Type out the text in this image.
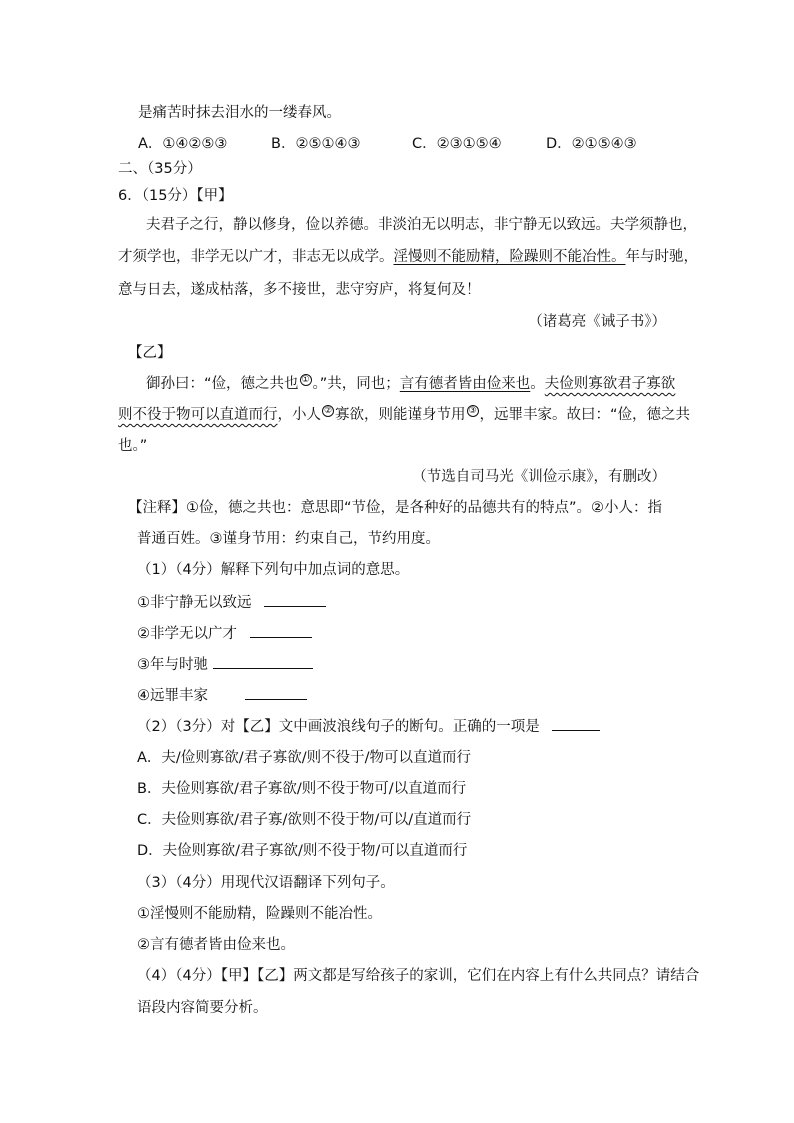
是痛苦时抹去泪水的一缕春风。
A．①④②⑤③	B．②⑤①④③	C．②③①⑤④	D．②①⑤④③
二、（35分）
6．（15分）【甲】
夫君子之行，静以修身，俭以养德。非淡泊无以明志，非宁静无以致远。夫学须静也，
才须学也，非学无以广才，非志无以成学。淫慢则不能励精，险躁则不能冶性。年与时驰，
意与日去，遂成枯落，多不接世，悲守穷庐，将复何及！
（诸葛亮《诫子书》）
【乙】
御孙曰：“俭，德之共也 ① 。”共，同也；言有德者皆由俭来也。夫俭则寡欲君子寡欲
则不役于物可以直道而行，小人 ② 寡欲，则能谨身节用 ③ ，远罪丰家。故曰：“俭，德之共
也。”
（节选自司马光《训俭示康》，有删改）
【注释】①俭，德之共也：意思即“节俭，是各种好的品德共有的特点”。②小人：指
普通百姓。③谨身节用：约束自己，节约用度。
（1）（4分）解释下列句中加点词的意思。
①非宁静无以致远
②非学无以广才
③年与时驰
④远罪丰家
（2）（3分）对【乙】文中画波浪线句子的断句。正确的一项是
A．夫/俭则寡欲/君子寡欲/则不役于/物可以直道而行
B．夫俭则寡欲/君子寡欲/则不役于物可/以直道而行
C．夫俭则寡欲/君子寡/欲则不役于物/可以/直道而行
D．夫俭则寡欲/君子寡欲/则不役于物/可以直道而行
（3）（4分）用现代汉语翻译下列句子。
①淫慢则不能励精，险躁则不能冶性。
②言有德者皆由俭来也。
（4）（4分）【甲】【乙】两文都是写给孩子的家训，它们在内容上有什么共同点？请结合
语段内容简要分析。
